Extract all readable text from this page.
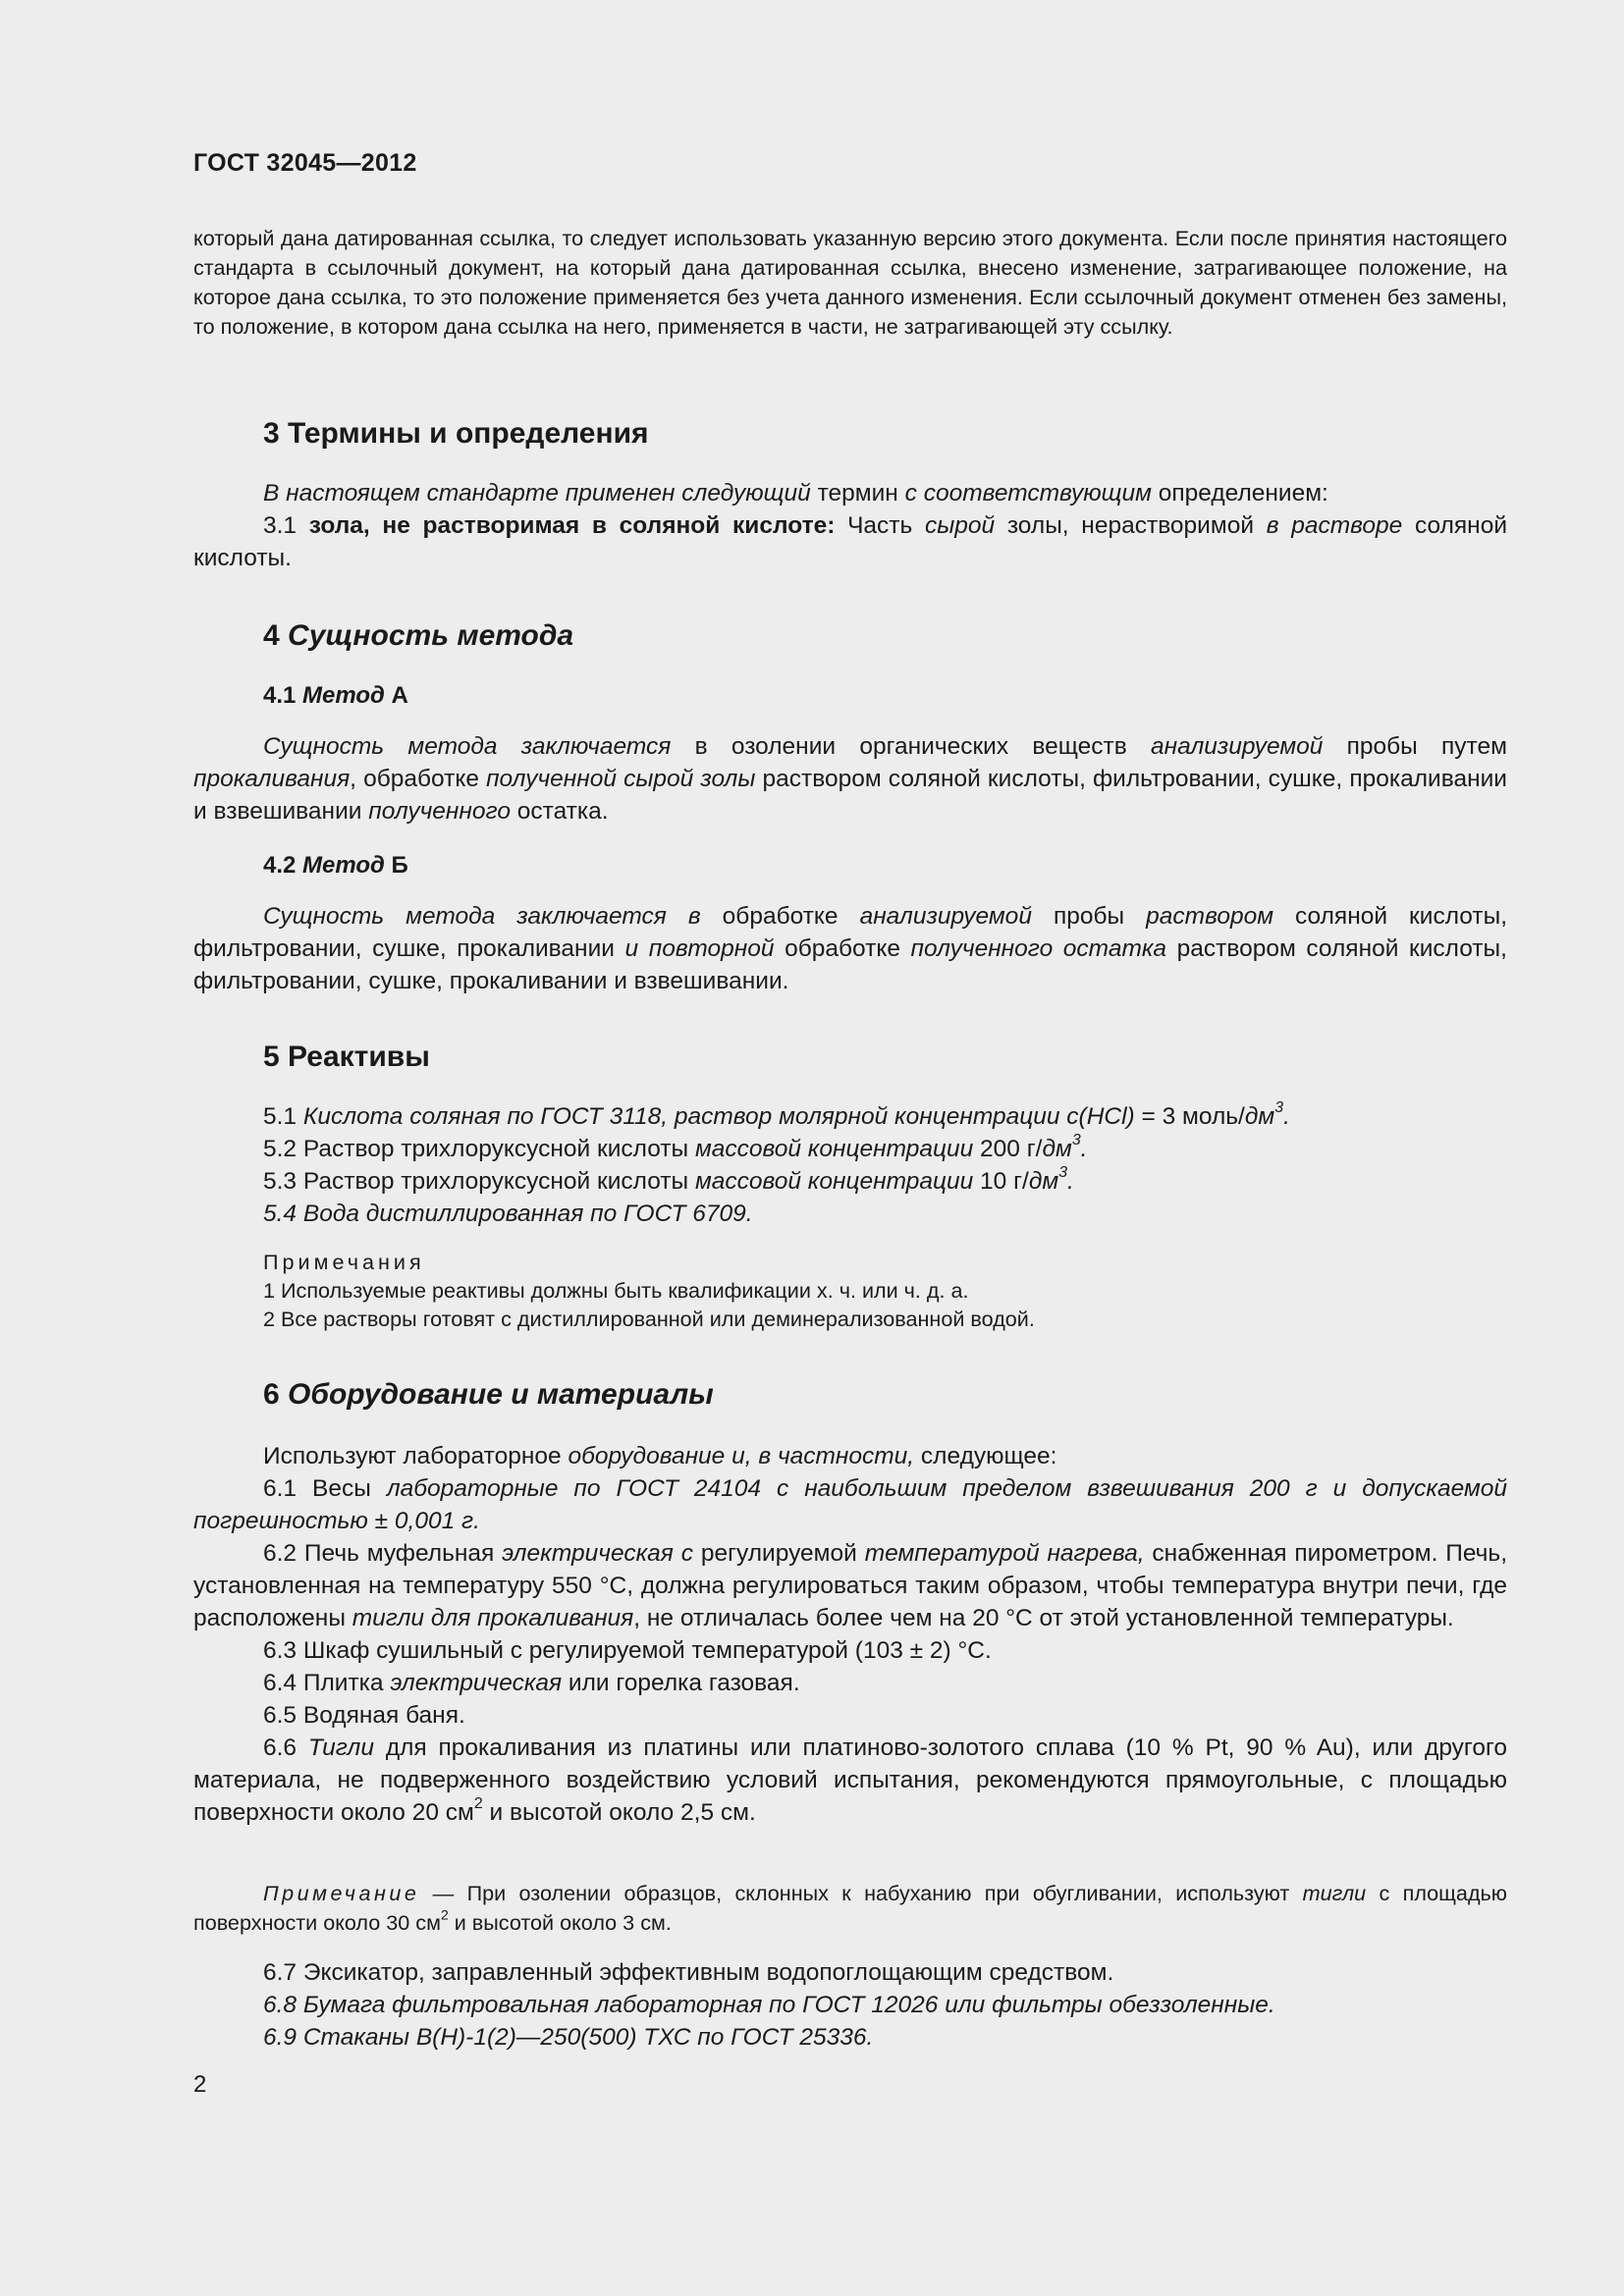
ГОСТ 32045—2012

который дана датированная ссылка, то следует использовать указанную версию этого документа. Если после принятия настоящего стандарта в ссылочный документ, на который дана датированная ссылка, внесено изменение, затрагивающее положение, на которое дана ссылка, то это положение применяется без учета данного изменения. Если ссылочный документ отменен без замены, то положение, в котором дана ссылка на него, применяется в части, не затрагивающей эту ссылку.

3 Термины и определения

В настоящем стандарте применен следующий термин с соответствующим определением:

3.1 зола, не растворимая в соляной кислоте: Часть сырой золы, нерастворимой в растворе соляной кислоты.

4 Сущность метода
4.1 Метод А

Сущность метода заключается в озолении органических веществ анализируемой пробы путем прокаливания, обработке полученной сырой золы раствором соляной кислоты, фильтровании, сушке, прокаливании и взвешивании полученного остатка.

4.2 Метод Б

Сущность метода заключается в обработке анализируемой пробы раствором соляной кислоты, фильтровании, сушке, прокаливании и повторной обработке полученного остатка раствором соляной кислоты, фильтровании, сушке, прокаливании и взвешивании.

5 Реактивы

5.1 Кислота соляная по ГОСТ 3118, раствор молярной концентрации c(HCl) = 3 моль/$дм^3$.

5.2 Раствор трихлоруксусной кислоты массовой концентрации 200 $г/дм^3$.

5.3 Раствор трихлоруксусной кислоты массовой концентрации 10 $г/дм^3$.

5.4 Вода дистиллированная по ГОСТ 6709.

Примечания

1 Используемые реактивы должны быть квалификации х. ч. или ч. д. а.

2 Все растворы готовят с дистиллированной или деминерализованной водой.

6 Оборудование и материалы

Используют лабораторное оборудование и, в частности, следующее:

6.1 Весы лабораторные по ГОСТ 24104 с наибольшим пределом взвешивания 200 г и допускаемой погрешностью ± 0,001 г.

6.2 Печь муфельная электрическая с регулируемой температурой нагрева, снабженная пирометром. Печь, установленная на температуру 550 °С, должна регулироваться таким образом, чтобы температура внутри печи, где расположены тигли для прокаливания, не отличалась более чем на 20 °С от этой установленной температуры.

6.3 Шкаф сушильный с регулируемой температурой (103 ± 2) °С.

6.4 Плитка электрическая или горелка газовая.

6.5 Водяная баня.

6.6 Тигли для прокаливания из платины или платиново-золотого сплава (10 % Pt, 90 % Au), или другого материала, не подверженного воздействию условий испытания, рекомендуются прямоугольные, с площадью поверхности около 20 $см^2$ и высотой около 2,5 см.

Примечание — При озолении образцов, склонных к набуханию при обугливании, используют тигли с площадью поверхности около 30 $см^2$ и высотой около 3 см.

6.7 Эксикатор, заправленный эффективным водопоглощающим средством.

6.8 Бумага фильтровальная лабораторная по ГОСТ 12026 или фильтры обеззоленные.

6.9 Стаканы В(Н)-1(2)—250(500) ТХС по ГОСТ 25336.

2
